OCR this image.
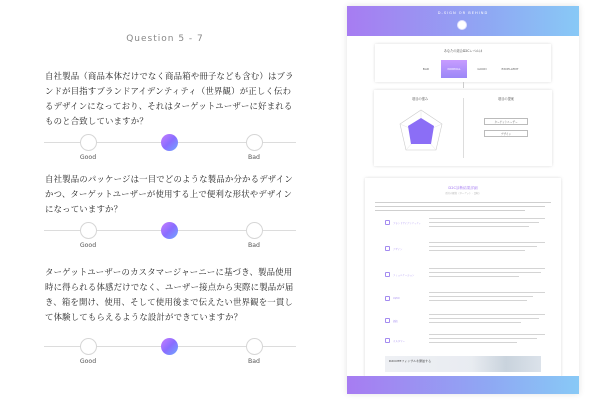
Question 5 - 7
自社製品（商品本体だけでなく商品箱や冊子なども含む）はブランドが目指すブランドアイデンティティ（世界観）が正しく伝わるデザインになっており、それはターゲットユーザーに好まれるものと合致していますか？
Good	Bad
自社製品のパッケージは一目でどのような製品か分かるデザインかつ、ターゲットユーザーが使用する上で便利な形状やデザインになっていますか？
Good	Bad
ターゲットユーザーのカスタマージャーニーに基づき、製品使用時に得られる体感だけでなく、ユーザー接点から実際に製品が届き、箱を開け、使用、そして使用後まで伝えたい世界観を一貫して体験してもらえるような設計ができていますか？
Good	Bad
D-SIGN OR BEHIND
あなたの総合D2Cレベルは
BAD	NORMAL	GOOD	EXCELLENT
項目の強み	項目の提案
ターゲットユーザー
デザイン
D2C診断結果詳細
項目の解説（ターゲット・比較）
ブランドアイデンティティ
デザイン
コミュニケーション
UI/UX
価格
カスタマー
D2COTEフォンサルを開始する
